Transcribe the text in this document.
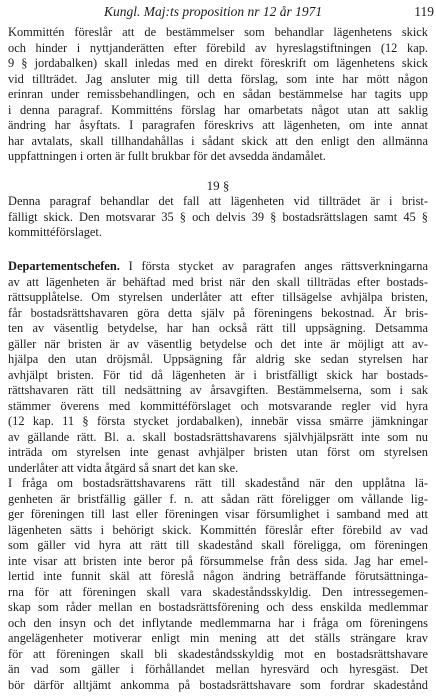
Kungl. Maj:ts proposition nr 12 år 1971	119
Kommittén föreslår att de bestämmelser som behandlar lägenhetens skick
och hinder i nyttjanderätten efter förebild av hyreslagstiftningen (12 kap.
9 § jordabalken) skall inledas med en direkt föreskrift om lägenhetens skick
vid tillträdet. Jag ansluter mig till detta förslag, som inte har mött någon
erinran under remissbehandlingen, och en sådan bestämmelse har tagits upp
i denna paragraf. Kommitténs förslag har omarbetats något utan att saklig
ändring har åsyftats. I paragrafen föreskrivs att lägenheten, om inte annat
har avtalats, skall tillhandahållas i sådant skick att den enligt den allmänna
uppfattningen i orten är fullt brukbar för det avsedda ändamålet.
19 §
Denna paragraf behandlar det fall att lägenheten vid tillträdet är i brist-
fälligt skick. Den motsvarar 35 § och delvis 39 § bostadsrättslagen samt 45 §
kommittéförslaget.
Departementschefen. I första stycket av paragrafen anges rättsverkningarna
av att lägenheten är behäftad med brist när den skall tillträdas efter bostads-
rättsupplåtelse. Om styrelsen underlåter att efter tillsägelse avhjälpa bristen,
får bostadsrättshavaren göra detta själv på föreningens bekostnad. Är bris-
ten av väsentlig betydelse, har han också rätt till uppsägning. Detsamma
gäller när bristen är av väsentlig betydelse och det inte är möjligt att av-
hjälpa den utan dröjsmål. Uppsägning får aldrig ske sedan styrelsen har
avhjälpt bristen. För tid då lägenheten är i bristfälligt skick har bostads-
rättshavaren rätt till nedsättning av årsavgiften. Bestämmelserna, som i sak
stämmer överens med kommittéförslaget och motsvarande regler vid hyra
(12 kap. 11 § första stycket jordabalken), innebär vissa smärre jämkningar
av gällande rätt. Bl. a. skall bostadsrättshavarens självhjälpsrätt inte som nu
inträda om styrelsen inte genast avhjälper bristen utan först om styrelsen
underlåter att vidta åtgärd så snart det kan ske.
I fråga om bostadsrättshavarens rätt till skadestånd när den upplåtna lä-
genheten är bristfällig gäller f. n. att sådan rätt föreligger om vållande lig-
ger föreningen till last eller föreningen visar försumlighet i samband med att
lägenheten sätts i behörigt skick. Kommittén föreslår efter förebild av vad
som gäller vid hyra att rätt till skadestånd skall föreligga, om föreningen
inte visar att bristen inte beror på försummelse från dess sida. Jag har emel-
lertid inte funnit skäl att föreslå någon ändring beträffande förutsättninga-
rna för att föreningen skall vara skadeståndsskyldig. Den intressegemen-
skap som råder mellan en bostadsrättsförening och dess enskilda medlemmar
och den insyn och det inflytande medlemmarna har i fråga om föreningens
angelägenheter motiverar enligt min mening att det ställs strängare krav
för att föreningen skall bli skadeståndsskyldig mot en bostadsrättshavare
än vad som gäller i förhållandet mellan hyresvärd och hyresgäst. Det
bör därför alltjämt ankomma på bostadsrättshavare som fordrar skadestånd
